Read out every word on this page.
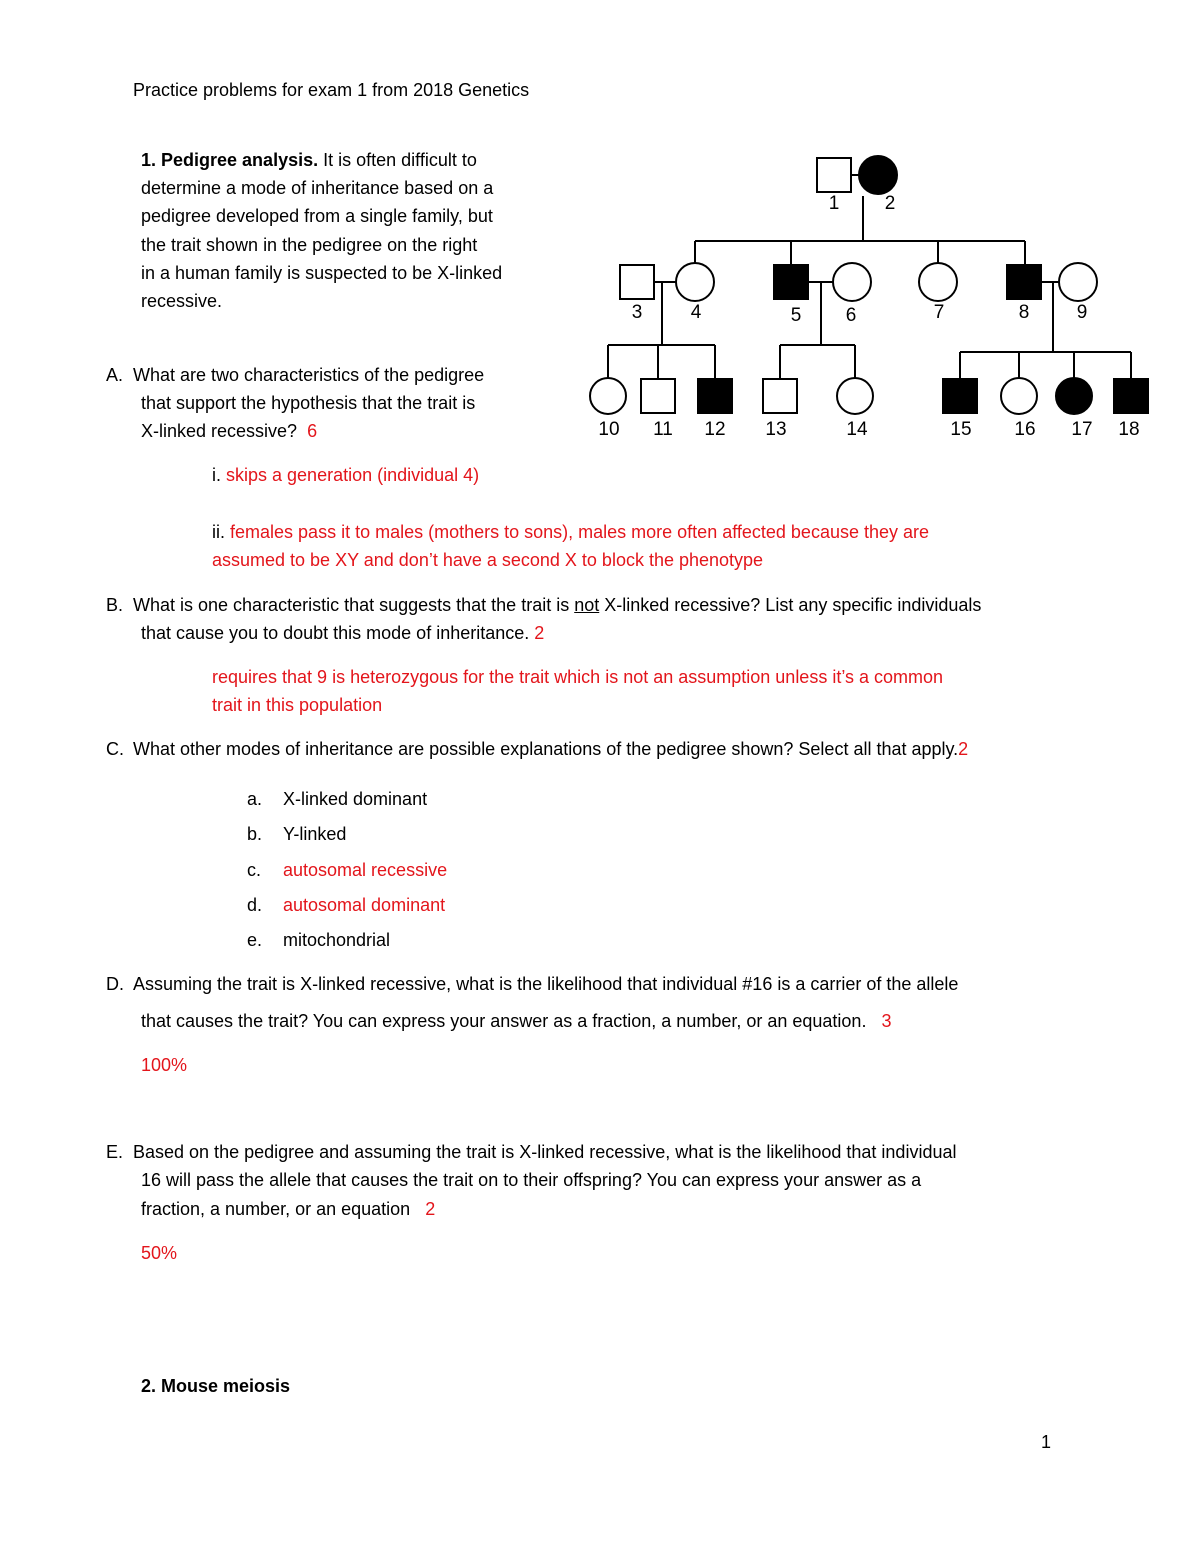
Practice problems for exam 1 from 2018 Genetics
1. Pedigree analysis. It is often difficult to
determine a mode of inheritance based on a
pedigree developed from a single family, but
the trait shown in the pedigree on the right
in a human family is suspected to be X-linked
recessive.
1 2
3	4	5 6	7	8 9
10 11 12 13	14	15 16 17 18
A. What are two characteristics of the pedigree
that support the hypothesis that the trait is
X-linked recessive? 6
i. skips a generation (individual 4)
ii. females pass it to males (mothers to sons), males more often affected because they are
assumed to be XY and don’t have a second X to block the phenotype
B. What is one characteristic that suggests that the trait is not X-linked recessive? List any specific individuals
that cause you to doubt this mode of inheritance. 2
requires that 9 is heterozygous for the trait which is not an assumption unless it’s a common
trait in this population
C. What other modes of inheritance are possible explanations of the pedigree shown? Select all that apply.2
a. X-linked dominant
b. Y-linked
c. autosomal recessive
d. autosomal dominant
e. mitochondrial
D. Assuming the trait is X-linked recessive, what is the likelihood that individual #16 is a carrier of the allele
that causes the trait? You can express your answer as a fraction, a number, or an equation. 3
100%
E. Based on the pedigree and assuming the trait is X-linked recessive, what is the likelihood that individual
16 will pass the allele that causes the trait on to their offspring? You can express your answer as a
fraction, a number, or an equation 2
50%
2. Mouse meiosis
1
